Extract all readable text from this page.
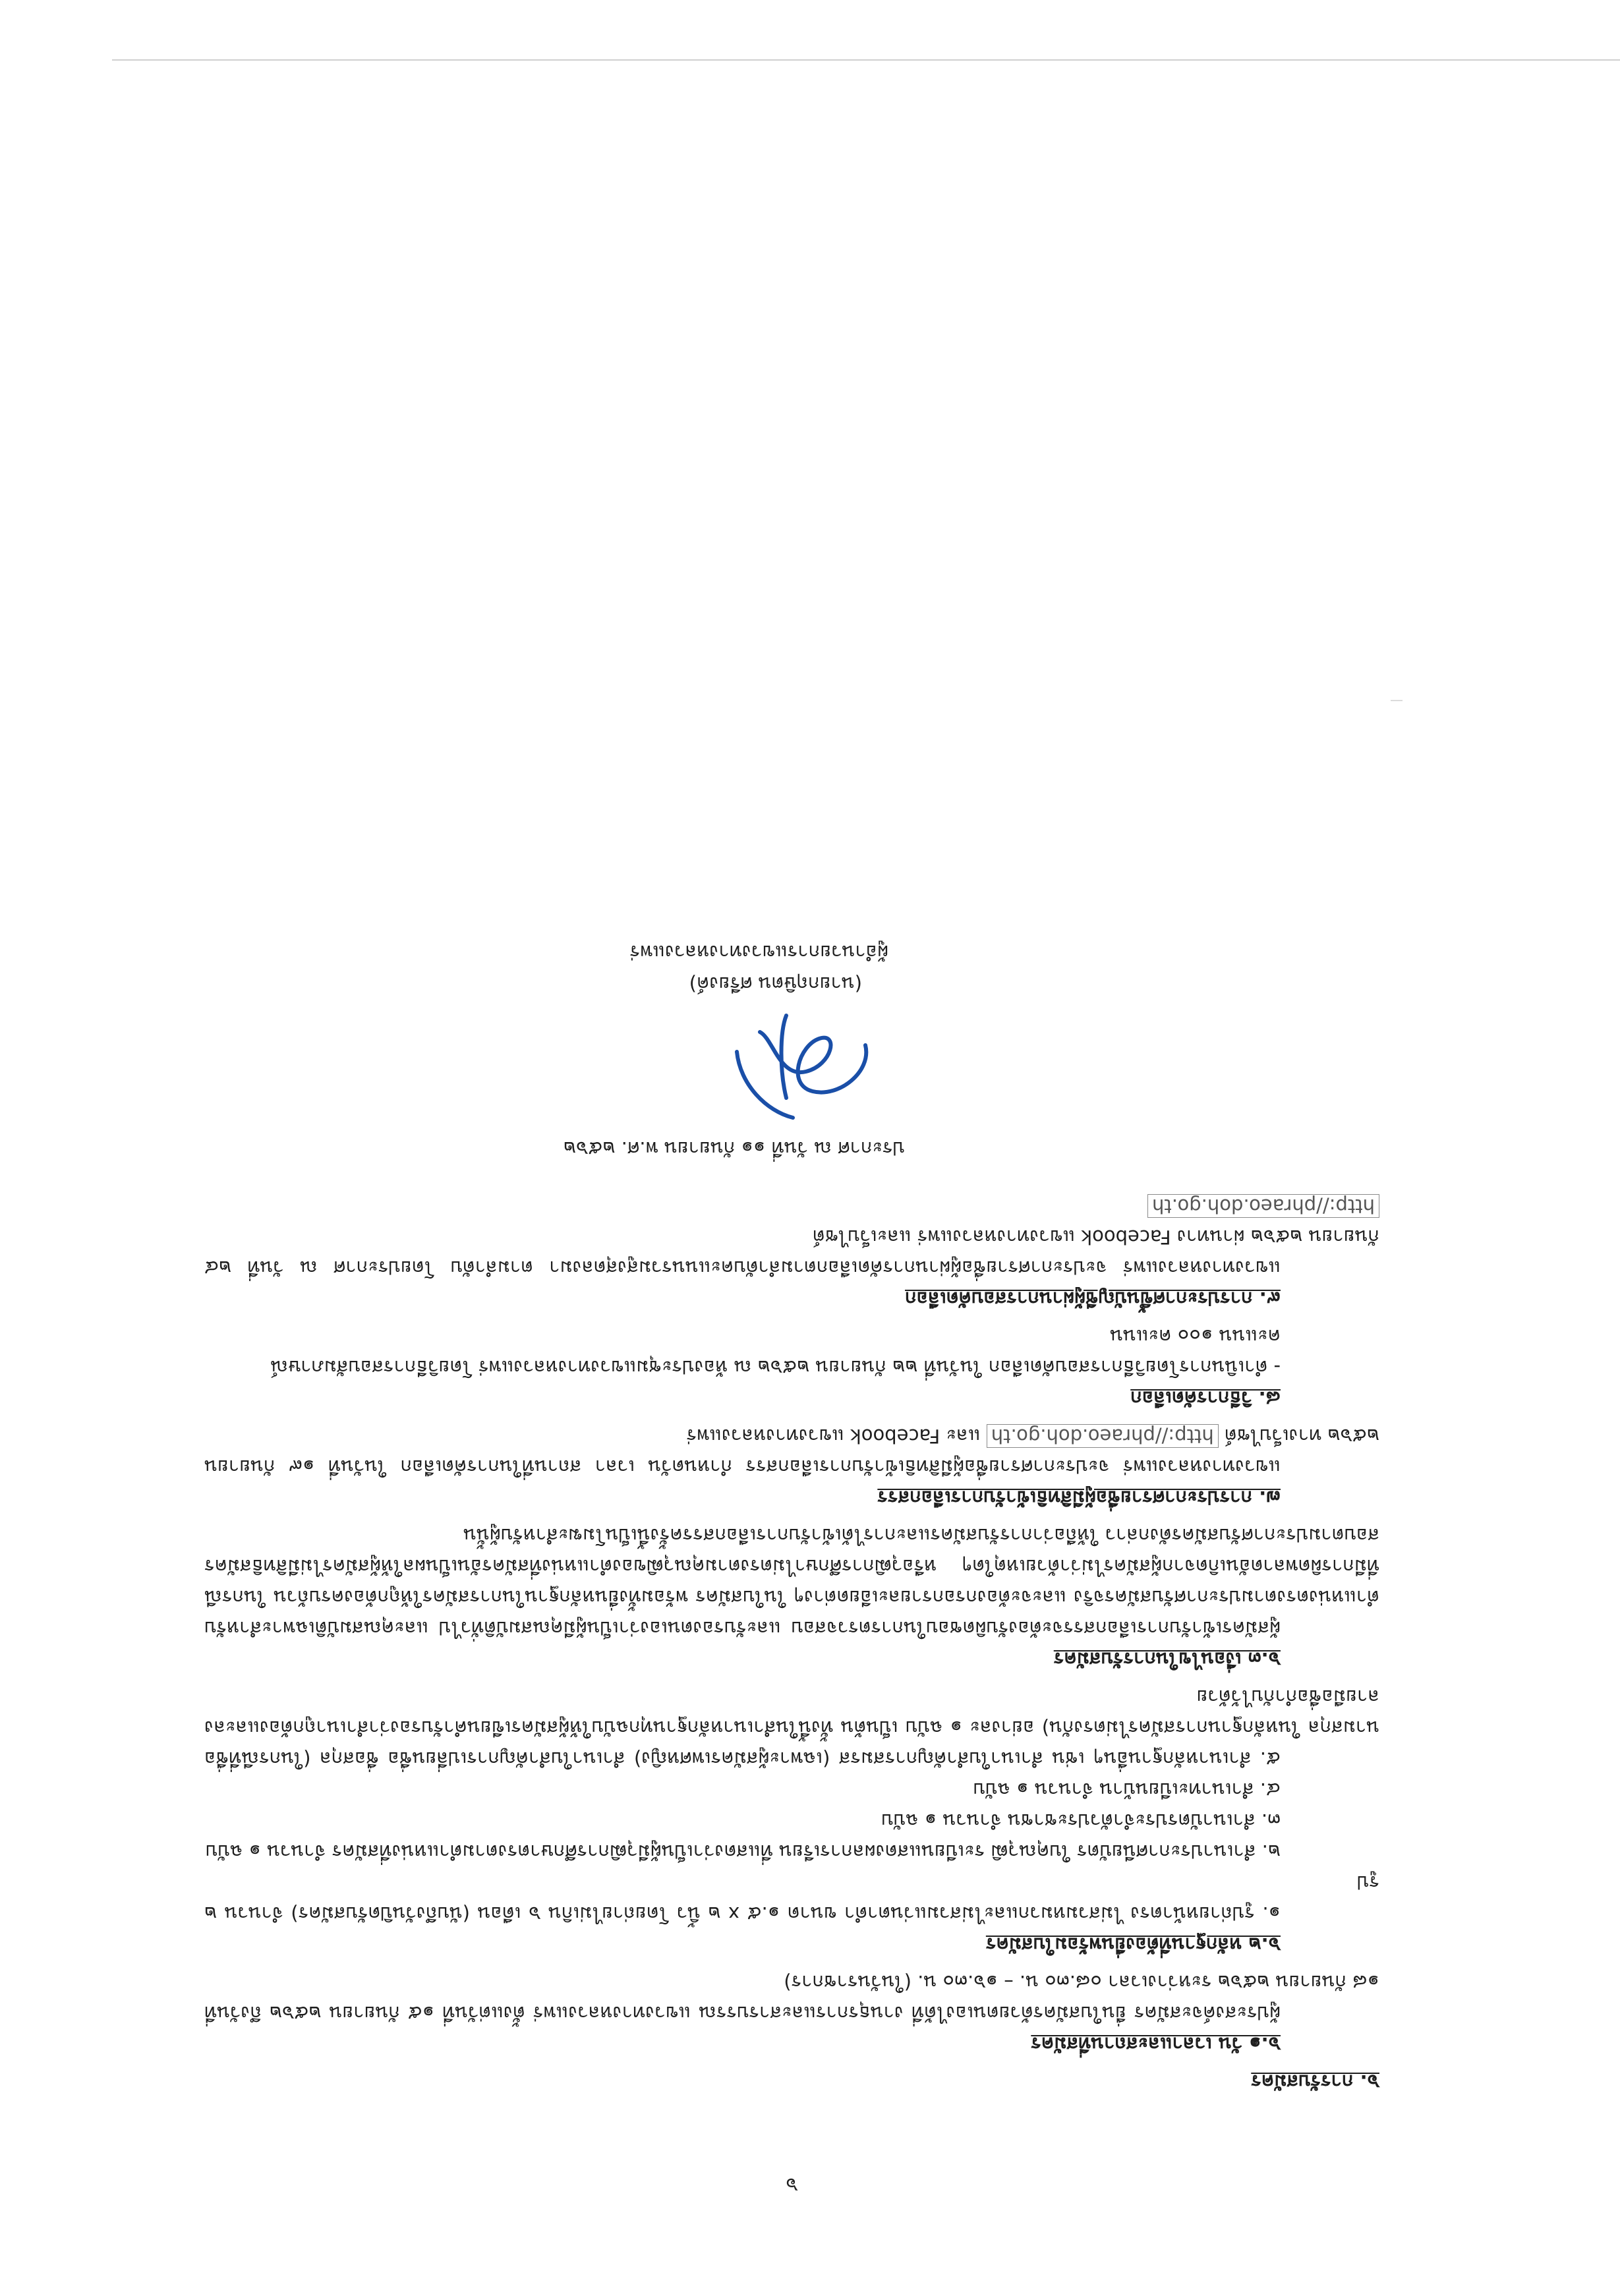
๖
๖. การรับสมัคร
๖.๑ วัน เวลาและสถานที่สมัคร
ผู้ประสงค์จะสมัคร ยื่นใบสมัครด้วยตนเองได้ที่ งานธุรการและสารบรรณ แขวงทางหลวงแพร่ ตั้งแต่วันที่ ๑๕ กันยายน ๒๕๖๒ ถึงวันที่ ๑๘ กันยายน ๒๕๖๒ ระหว่างเวลา ๐๘.๓๐ น. – ๑๖.๓๐ น. (ในวันราชการ)
๖.๒ หลักฐานที่ต้องยื่นพร้อมใบสมัคร
๑. รูปถ่ายหน้าตรง ไม่สวมหมวกและไม่สวมแว่นตาดำ ขนาด ๑.๕ x ๒ นิ้ว โดยถ่ายไม่เกิน ๖ เดือน (นับถึงวันปิดรับสมัคร) จำนวน ๒ รูป
๒. สำเนาประกาศนียบัตร ใบคุณวุฒิ ระเบียนแสดงผลการเรียน ที่แสดงว่าเป็นผู้มีวุฒิการศึกษาตรงตามตำแหน่งที่สมัคร จำนวน ๑ ฉบับ
๓. สำเนาบัตรประจำตัวประชาชน จำนวน ๑ ฉบับ
๔. สำเนาทะเบียนบ้าน จำนวน ๑ ฉบับ
๕. สำเนาหลักฐานอื่นๆ เช่น สำเนาใบสำคัญการสมรส (เฉพาะผู้สมัครเพศหญิง) สำเนาใบสำคัญการเปลี่ยนชื่อ ชื่อสกุล (ในกรณีที่ชื่อ นามสกุล ในหลักฐานการสมัครไม่ตรงกัน) อย่างละ ๑ ฉบับ เป็นต้น ทั้งนี้ในสำเนาหลักฐานทุกฉบับให้ผู้สมัครเขียนคำรับรองว่าสำเนาถูกต้องและลงลายมือชื่อกำกับไว้ด้วย
๖.๓ เงื่อนไขในการรับสมัคร
ผู้สมัครเข้ารับการเลือกสรรจะต้องรับผิดชอบในการตรวจสอบ และรับรองตนเองว่าเป็นผู้มีคุณสมบัติทั่วไป และคุณสมบัติเฉพาะสำหรับตำแหน่งตรงตามประกาศรับสมัครจริง และจะต้องกรอกรายละเอียดต่างๆ ในใบสมัคร พร้อมทั้งยื่นหลักฐานในการสมัครให้ถูกต้องครบถ้วน ในกรณีที่มีการผิดพลาดอันเกิดจากผู้สมัครไม่ว่าด้วยเหตุใดๆ หรือวุฒิการศึกษาไม่ตรงตามคุณวุฒิของตำแหน่งที่สมัครอันเป็นผลให้ผู้สมัครไม่มีสิทธิสมัครสอบตามประกาศรับสมัครดังกล่าว ให้ถือว่าการรับสมัครและการได้เข้ารับการเลือกสรรครั้งนี้เป็นโมฆะสำหรับผู้นั้น
๗. การประกาศรายชื่อผู้มีสิทธิเข้ารับการเลือกสรร
แขวงทางหลวงแพร่ จะประกาศรายชื่อผู้มีสิทธิเข้ารับการเลือกสรร กำหนดวัน เวลา สถานที่ในการคัดเลือก ในวันที่ ๑๙ กันยายน ๒๕๖๒ ทางเว็บไซต์ http://phraeo.doh.go.th และ Facebook แขวงทางหลวงแพร่
๘. วิธีการคัดเลือก
- ดำเนินการโดยวิธีการสอบคัดเลือก ในวันที่ ๒๒ กันยายน ๒๕๖๒ ณ ห้องประชุมแขวงทางหลวงแพร่ โดยวิธีการสอบสัมภาษณ์ คะแนน ๑๐๐ คะแนน
๙. การประกาศขึ้นบัญชีผู้ผ่านการสอบคัดเลือก
แขวงทางหลวงแพร่ จะประกาศรายชื่อผู้ผ่านการคัดเลือกตามลำดับคะแนนรวมสูงสุดลงมา ตามลำดับ โดยประกาศ ณ วันที่ ๒๔ กันยายน ๒๕๖๒ ผ่านทาง Facebook แขวงทางหลวงแพร่ และเว็บไซต์
http://phraeo.doh.go.th
ประกาศ ณ วันที่ ๑๑ กันยายน พ.ศ. ๒๕๖๒
(นายกฤษิตน ศรียงค์)
ผู้อำนวยการแขวงทางหลวงแพร่
